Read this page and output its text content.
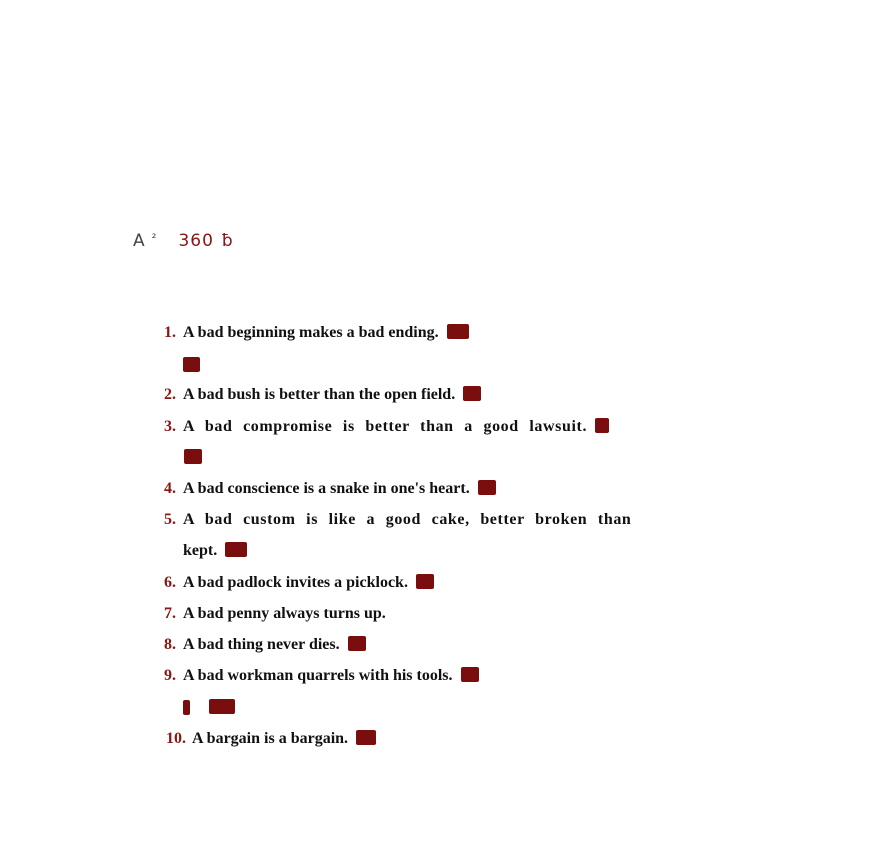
A $^{^2}$ 360 ƀ
1. A bad beginning makes a bad ending.
2. A bad bush is better than the open field.
3. A bad compromise is better than a good lawsuit.
4. A bad conscience is a snake in one's heart.
5. A bad custom is like a good cake, better broken than
kept.
6. A bad padlock invites a picklock.
7. A bad penny always turns up.
8. A bad thing never dies.
9. A bad workman quarrels with his tools.
10. A bargain is a bargain.
